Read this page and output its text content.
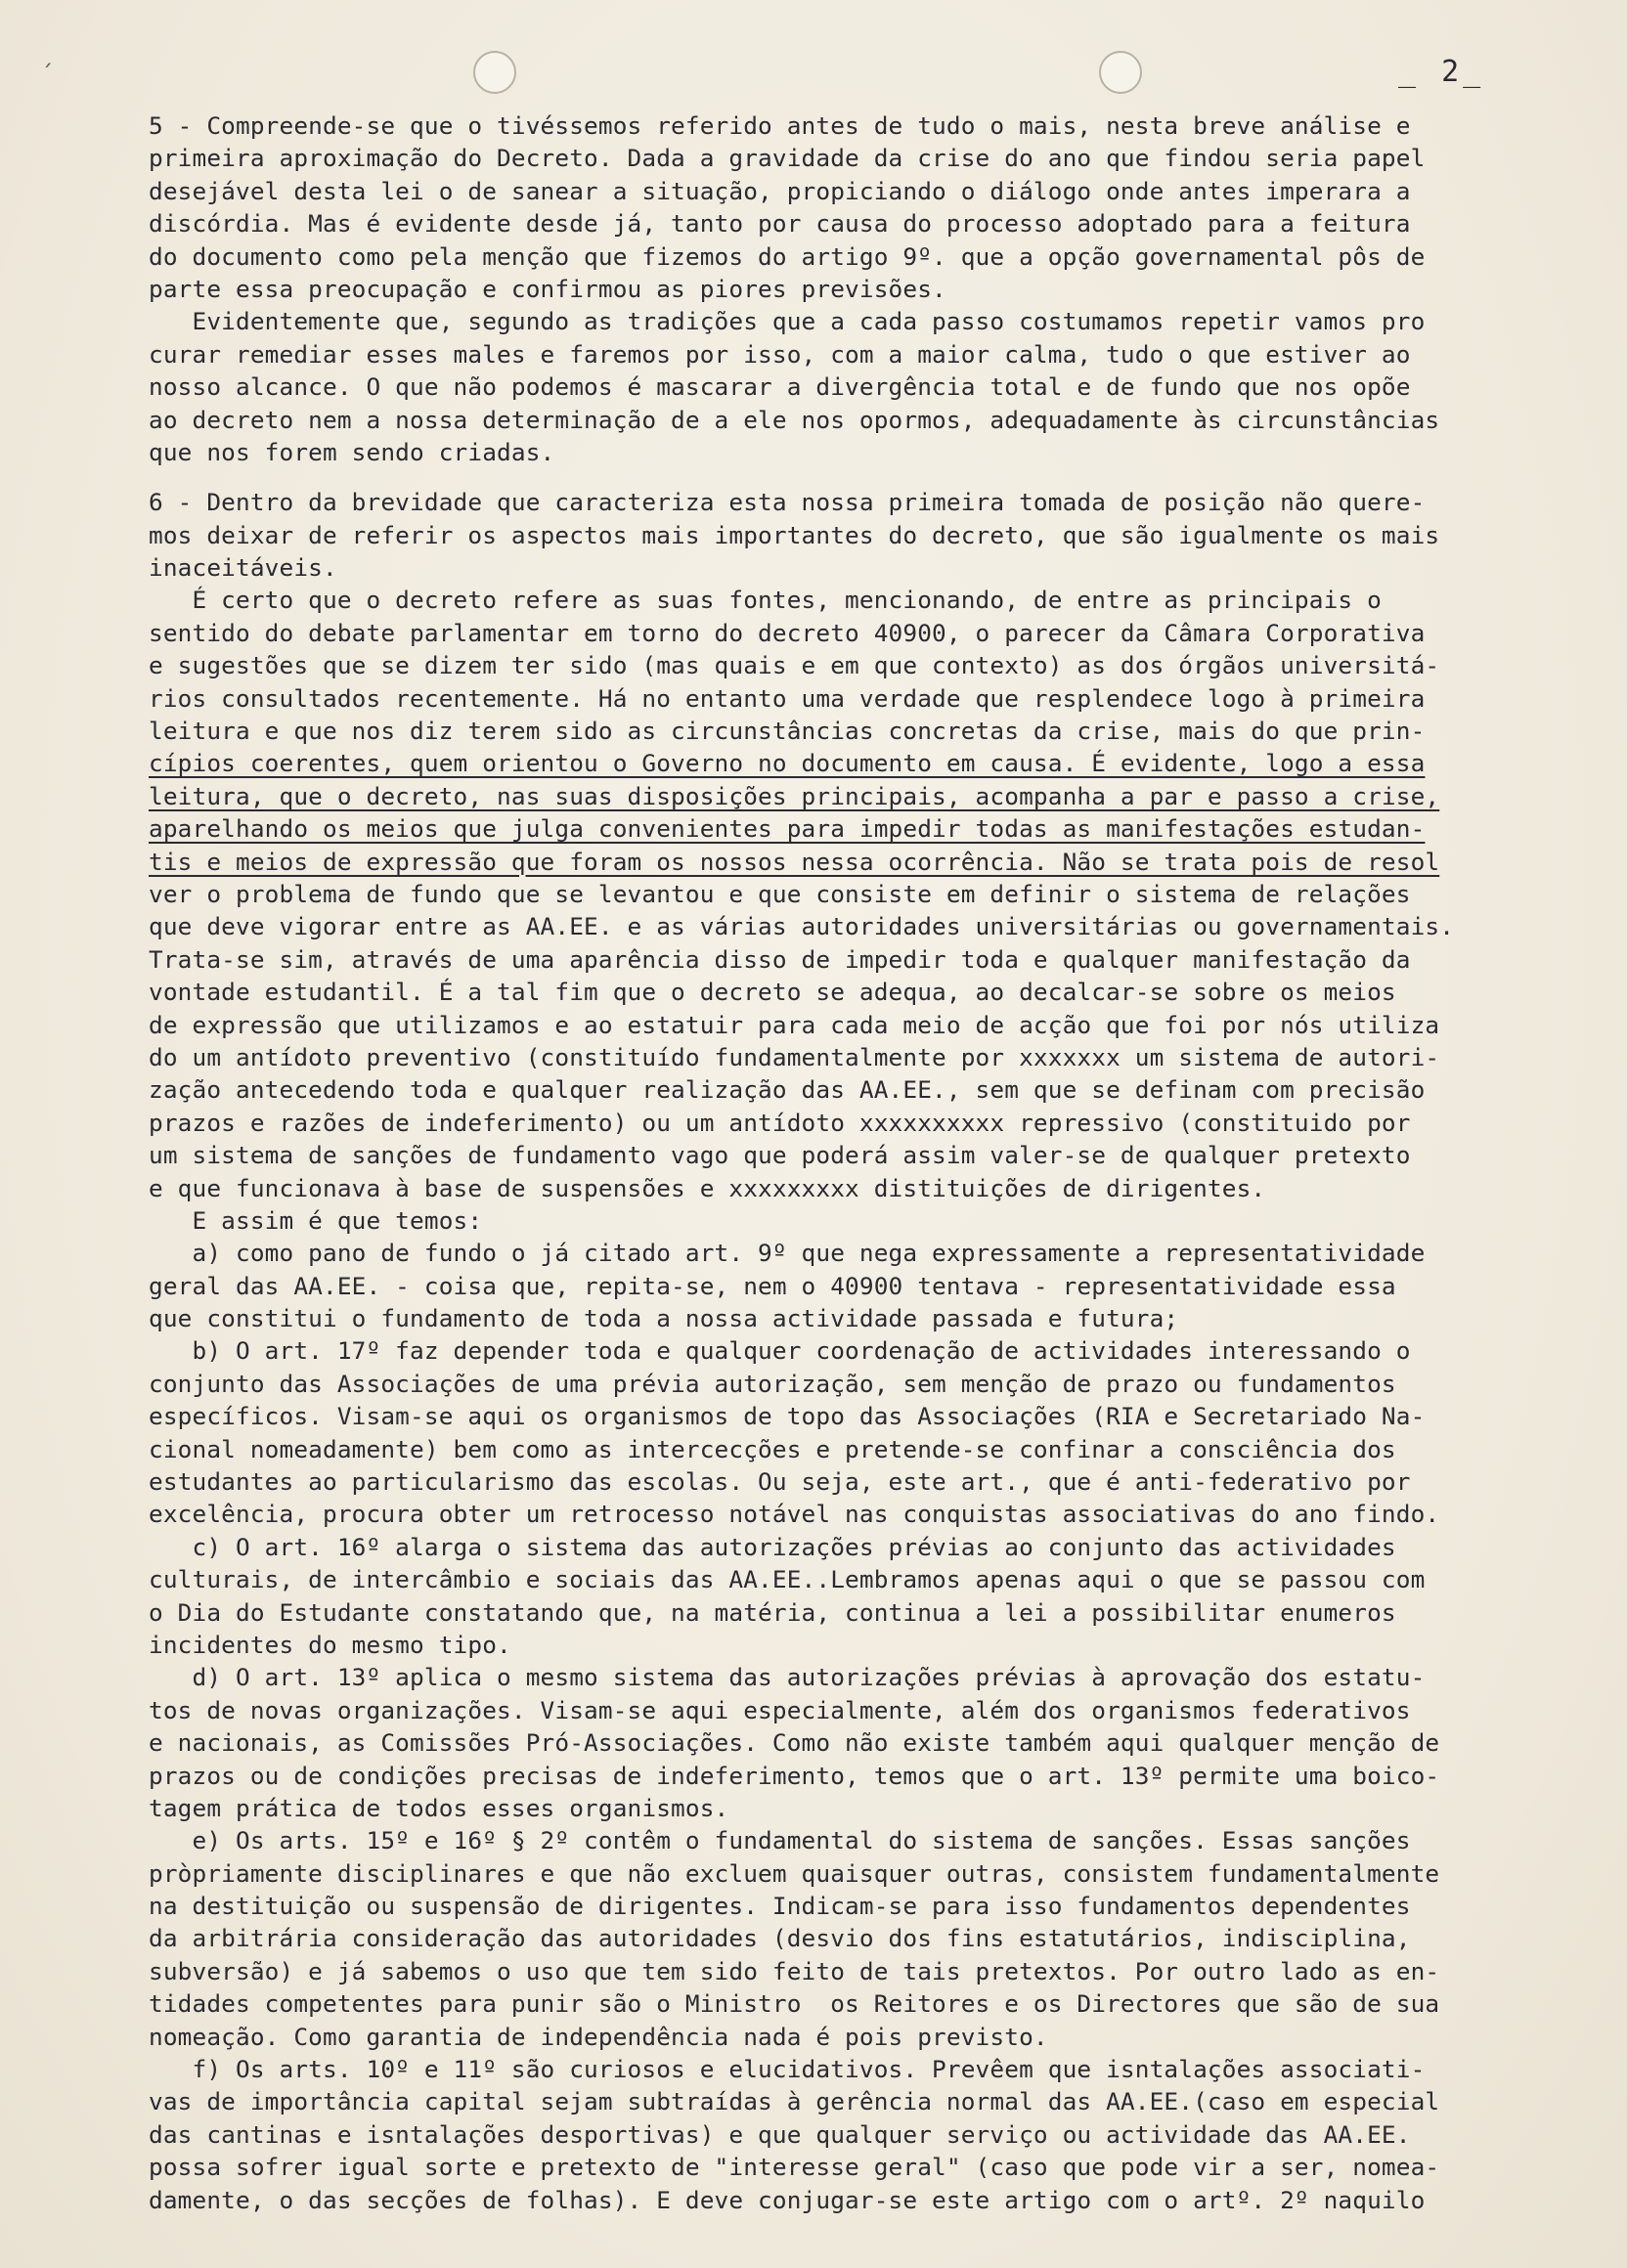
ˏ
_ 2_
5 - Compreende-se que o tivéssemos referido antes de tudo o mais, nesta breve análise e
primeira aproximação do Decreto. Dada a gravidade da crise do ano que findou seria papel
desejável desta lei o de sanear a situação, propiciando o diálogo onde antes imperara a
discórdia. Mas é evidente desde já, tanto por causa do processo adoptado para a feitura
do documento como pela menção que fizemos do artigo 9º. que a opção governamental pôs de
parte essa preocupação e confirmou as piores previsões.
Evidentemente que, segundo as tradições que a cada passo costumamos repetir vamos pro
curar remediar esses males e faremos por isso, com a maior calma, tudo o que estiver ao
nosso alcance. O que não podemos é mascarar a divergência total e de fundo que nos opõe
ao decreto nem a nossa determinação de a ele nos opormos, adequadamente às circunstâncias
que nos forem sendo criadas.
6 - Dentro da brevidade que caracteriza esta nossa primeira tomada de posição não quere-
mos deixar de referir os aspectos mais importantes do decreto, que são igualmente os mais
inaceitáveis.
É certo que o decreto refere as suas fontes, mencionando, de entre as principais o
sentido do debate parlamentar em torno do decreto 40900, o parecer da Câmara Corporativa
e sugestões que se dizem ter sido (mas quais e em que contexto) as dos órgãos universitá-
rios consultados recentemente. Há no entanto uma verdade que resplendece logo à primeira
leitura e que nos diz terem sido as circunstâncias concretas da crise, mais do que prin-
cípios coerentes, quem orientou o Governo no documento em causa. É evidente, logo a essa
leitura, que o decreto, nas suas disposições principais, acompanha a par e passo a crise,
aparelhando os meios que julga convenientes para impedir todas as manifestações estudan-
tis e meios de expressão que foram os nossos nessa ocorrência. Não se trata pois de resol
ver o problema de fundo que se levantou e que consiste em definir o sistema de relações
que deve vigorar entre as AA.EE. e as várias autoridades universitárias ou governamentais.
Trata-se sim, através de uma aparência disso de impedir toda e qualquer manifestação da
vontade estudantil. É a tal fim que o decreto se adequa, ao decalcar-se sobre os meios
de expressão que utilizamos e ao estatuir para cada meio de acção que foi por nós utiliza
do um antídoto preventivo (constituído fundamentalmente por xxxxxxx um sistema de autori-
zação antecedendo toda e qualquer realização das AA.EE., sem que se definam com precisão
prazos e razões de indeferimento) ou um antídoto xxxxxxxxxx repressivo (constituido por
um sistema de sanções de fundamento vago que poderá assim valer-se de qualquer pretexto
e que funcionava à base de suspensões e xxxxxxxxx distituições de dirigentes.
E assim é que temos:
a) como pano de fundo o já citado art. 9º que nega expressamente a representatividade
geral das AA.EE. - coisa que, repita-se, nem o 40900 tentava - representatividade essa
que constitui o fundamento de toda a nossa actividade passada e futura;
b) O art. 17º faz depender toda e qualquer coordenação de actividades interessando o
conjunto das Associações de uma prévia autorização, sem menção de prazo ou fundamentos
específicos. Visam-se aqui os organismos de topo das Associações (RIA e Secretariado Na-
cional nomeadamente) bem como as intercecções e pretende-se confinar a consciência dos
estudantes ao particularismo das escolas. Ou seja, este art., que é anti-federativo por
excelência, procura obter um retrocesso notável nas conquistas associativas do ano findo.
c) O art. 16º alarga o sistema das autorizações prévias ao conjunto das actividades
culturais, de intercâmbio e sociais das AA.EE..Lembramos apenas aqui o que se passou com
o Dia do Estudante constatando que, na matéria, continua a lei a possibilitar enumeros
incidentes do mesmo tipo.
d) O art. 13º aplica o mesmo sistema das autorizações prévias à aprovação dos estatu-
tos de novas organizações. Visam-se aqui especialmente, além dos organismos federativos
e nacionais, as Comissões Pró-Associações. Como não existe também aqui qualquer menção de
prazos ou de condições precisas de indeferimento, temos que o art. 13º permite uma boico-
tagem prática de todos esses organismos.
e) Os arts. 15º e 16º § 2º contêm o fundamental do sistema de sanções. Essas sanções
pròpriamente disciplinares e que não excluem quaisquer outras, consistem fundamentalmente
na destituição ou suspensão de dirigentes. Indicam-se para isso fundamentos dependentes
da arbitrária consideração das autoridades (desvio dos fins estatutários, indisciplina,
subversão) e já sabemos o uso que tem sido feito de tais pretextos. Por outro lado as en-
tidades competentes para punir são o Ministro  os Reitores e os Directores que são de sua
nomeação. Como garantia de independência nada é pois previsto.
f) Os arts. 10º e 11º são curiosos e elucidativos. Prevêem que isntalações associati-
vas de importância capital sejam subtraídas à gerência normal das AA.EE.(caso em especial
das cantinas e isntalações desportivas) e que qualquer serviço ou actividade das AA.EE.
possa sofrer igual sorte e pretexto de "interesse geral" (caso que pode vir a ser, nomea-
damente, o das secções de folhas). E deve conjugar-se este artigo com o artº. 2º naquilo
